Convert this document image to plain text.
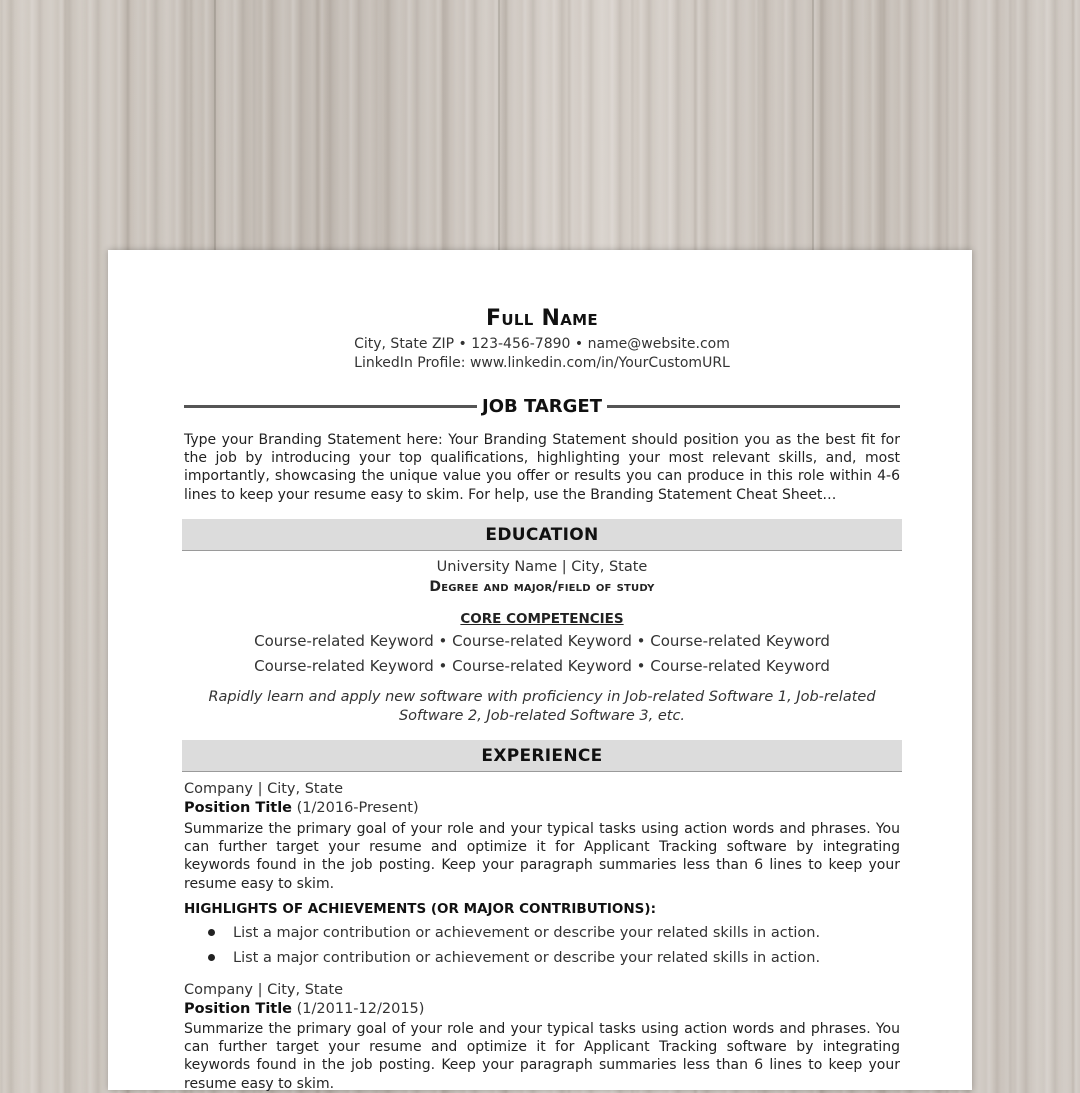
Full Name
City, State ZIP • 123-456-7890 • name@website.com
LinkedIn Profile: www.linkedin.com/in/YourCustomURL
JOB TARGET
Type your Branding Statement here: Your Branding Statement should position you as the best fit for the job by introducing your top qualifications, highlighting your most relevant skills, and, most importantly, showcasing the unique value you offer or results you can produce in this role within 4-6 lines to keep your resume easy to skim. For help, use the Branding Statement Cheat Sheet…
EDUCATION
University Name | City, State
Degree and major/field of study
CORE COMPETENCIES
Course-related Keyword • Course-related Keyword • Course-related Keyword
Course-related Keyword • Course-related Keyword • Course-related Keyword
Rapidly learn and apply new software with proficiency in Job-related Software 1, Job-related Software 2, Job-related Software 3, etc.
EXPERIENCE
Company | City, State
Position Title (1/2016-Present)
Summarize the primary goal of your role and your typical tasks using action words and phrases. You can further target your resume and optimize it for Applicant Tracking software by integrating keywords found in the job posting. Keep your paragraph summaries less than 6 lines to keep your resume easy to skim.
HIGHLIGHTS OF ACHIEVEMENTS (OR MAJOR CONTRIBUTIONS):
List a major contribution or achievement or describe your related skills in action.
List a major contribution or achievement or describe your related skills in action.
Company | City, State
Position Title (1/2011-12/2015)
Summarize the primary goal of your role and your typical tasks using action words and phrases. You can further target your resume and optimize it for Applicant Tracking software by integrating keywords found in the job posting. Keep your paragraph summaries less than 6 lines to keep your resume easy to skim.
